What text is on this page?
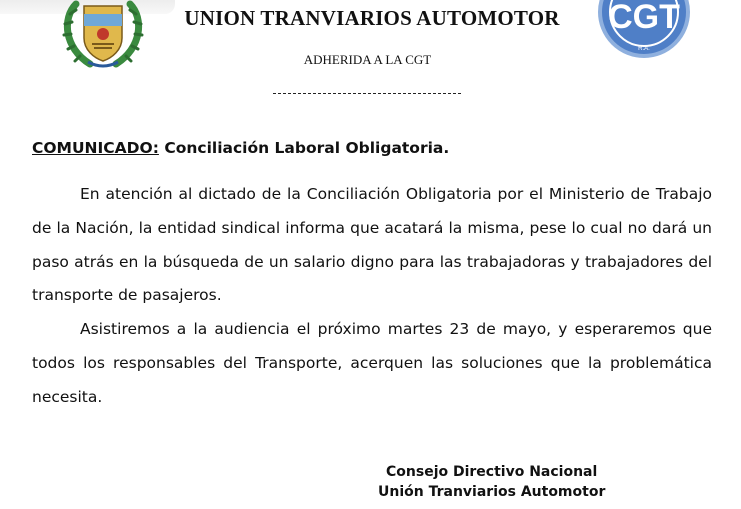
UNION TRANVIARIOS AUTOMOTOR CGT
R.A.
ADHERIDA A LA CGT
COMUNICADO: Conciliación Laboral Obligatoria.

En atención al dictado de la Conciliación Obligatoria por el Ministerio de Trabajo de la Nación, la entidad sindical informa que acatará la misma, pese lo cual no dará un paso atrás en la búsqueda de un salario digno para las trabajadoras y trabajadores del transporte de pasajeros.

Asistiremos a la audiencia el próximo martes 23 de mayo, y esperaremos que todos los responsables del Transporte, acerquen las soluciones que la problemática necesita.

Consejo Directivo Nacional
Unión Tranviarios Automotor
